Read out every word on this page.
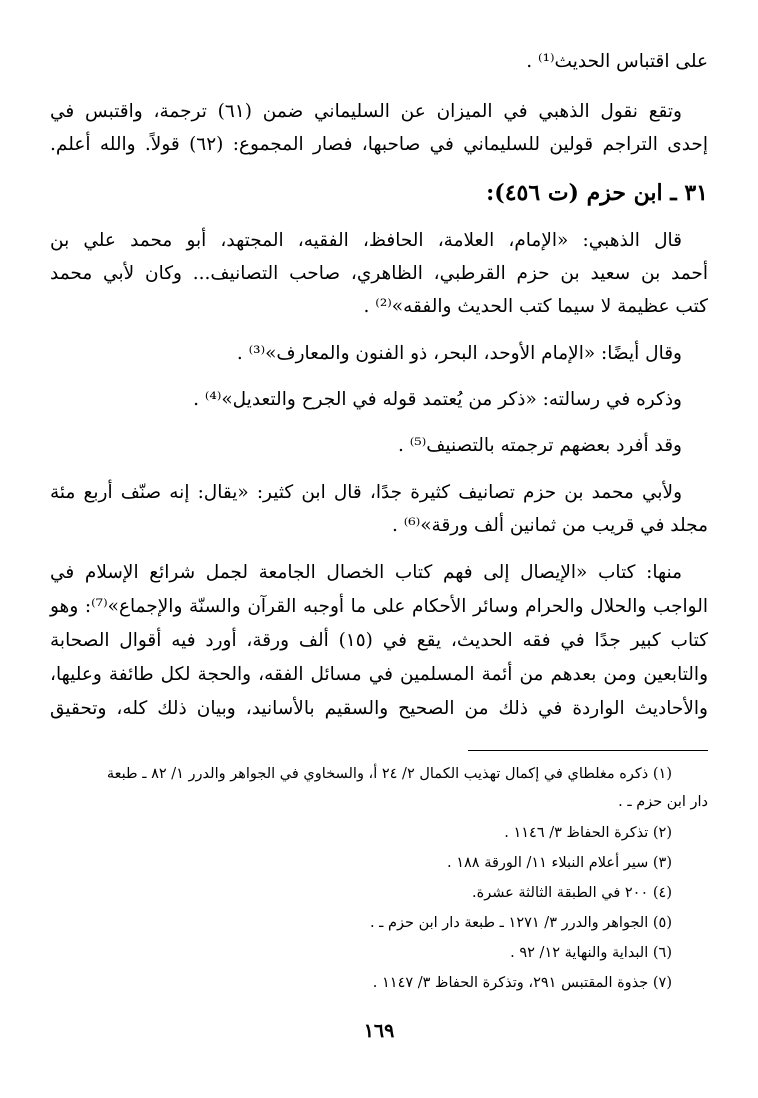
على اقتباس الحديث⁽¹⁾ .
وتقع نقول الذهبي في الميزان عن السليماني ضمن (٦١) ترجمة، واقتبس في
إحدى التراجم قولين للسليماني في صاحبها، فصار المجموع: (٦٢) قولاً. والله أعلم.
٣١ ـ ابن حزم (ت ٤٥٦):
قال الذهبي: «الإمام، العلامة، الحافظ، الفقيه، المجتهد، أبو محمد علي بن
أحمد بن سعيد بن حزم القرطبي، الظاهري، صاحب التصانيف... وكان لأبي محمد
كتب عظيمة لا سيما كتب الحديث والفقه»⁽²⁾ .
وقال أيضًا: «الإمام الأوحد، البحر، ذو الفنون والمعارف»⁽³⁾ .
وذكره في رسالته: «ذكر من يُعتمد قوله في الجرح والتعديل»⁽⁴⁾ .
وقد أفرد بعضهم ترجمته بالتصنيف⁽⁵⁾ .
ولأبي محمد بن حزم تصانيف كثيرة جدًا، قال ابن كثير: «يقال: إنه صنّف أربع مئة
مجلد في قريب من ثمانين ألف ورقة»⁽⁶⁾ .
منها: كتاب «الإيصال إلى فهم كتاب الخصال الجامعة لجمل شرائع الإسلام في
الواجب والحلال والحرام وسائر الأحكام على ما أوجبه القرآن والسنّة والإجماع»⁽⁷⁾: وهو
كتاب كبير جدًا في فقه الحديث، يقع في (١٥) ألف ورقة، أورد فيه أقوال الصحابة
والتابعين ومن بعدهم من أئمة المسلمين في مسائل الفقه، والحجة لكل طائفة وعليها،
والأحاديث الواردة في ذلك من الصحيح والسقيم بالأسانيد، وبيان ذلك كله، وتحقيق
(١) ذكره مغلطاي في إكمال تهذيب الكمال ٢/ ٢٤ أ، والسخاوي في الجواهر والدرر ١/ ٨٢ ـ طبعة
دار ابن حزم ـ .
(٢) تذكرة الحفاظ ٣/ ١١٤٦ .
(٣) سير أعلام النبلاء ١١/ الورقة ١٨٨ .
(٤) ٢٠٠ في الطبقة الثالثة عشرة.
(٥) الجواهر والدرر ٣/ ١٢٧١ ـ طبعة دار ابن حزم ـ .
(٦) البداية والنهاية ١٢/ ٩٢ .
(٧) جذوة المقتبس ٢٩١، وتذكرة الحفاظ ٣/ ١١٤٧ .
١٦٩
